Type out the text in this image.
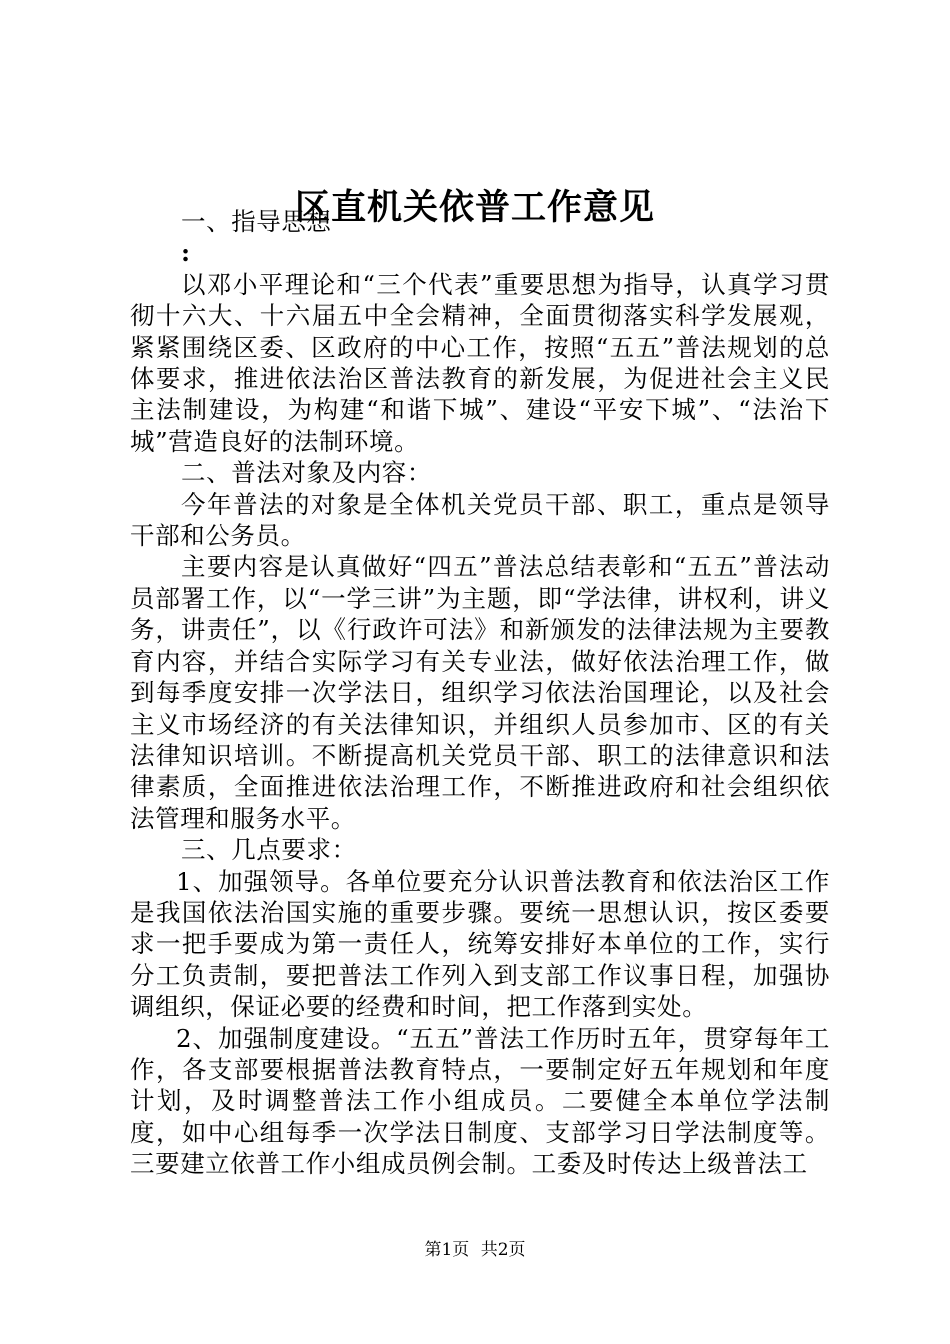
区直机关依普工作意见

一、指导思想

:

以邓小平理论和“三个代表”重要思想为指导，认真学习贯彻十六大、十六届五中全会精神，全面贯彻落实科学发展观，紧紧围绕区委、区政府的中心工作，按照“五五”普法规划的总体要求，推进依法治区普法教育的新发展，为促进社会主义民主法制建设，为构建“和谐下城”、建设“平安下城”、“法治下城”营造良好的法制环境。

二、普法对象及内容：

今年普法的对象是全体机关党员干部、职工，重点是领导干部和公务员。

主要内容是认真做好“四五”普法总结表彰和“五五”普法动员部署工作，以“一学三讲”为主题，即“学法律，讲权利，讲义务，讲责任”，以《行政许可法》和新颁发的法律法规为主要教育内容，并结合实际学习有关专业法，做好依法治理工作，做到每季度安排一次学法日，组织学习依法治国理论，以及社会主义市场经济的有关法律知识，并组织人员参加市、区的有关法律知识培训。不断提高机关党员干部、职工的法律意识和法律素质，全面推进依法治理工作，不断推进政府和社会组织依法管理和服务水平。

三、几点要求：

1、加强领导。各单位要充分认识普法教育和依法治区工作是我国依法治国实施的重要步骤。要统一思想认识，按区委要求一把手要成为第一责任人，统筹安排好本单位的工作，实行分工负责制，要把普法工作列入到支部工作议事日程，加强协调组织，保证必要的经费和时间，把工作落到实处。

2、加强制度建设。“五五”普法工作历时五年，贯穿每年工作，各支部要根据普法教育特点，一要制定好五年规划和年度计划，及时调整普法工作小组成员。二要健全本单位学法制度，如中心组每季一次学法日制度、支部学习日学法制度等。三要建立依普工作小组成员例会制。工委及时传达上级普法工

第1页 共2页
